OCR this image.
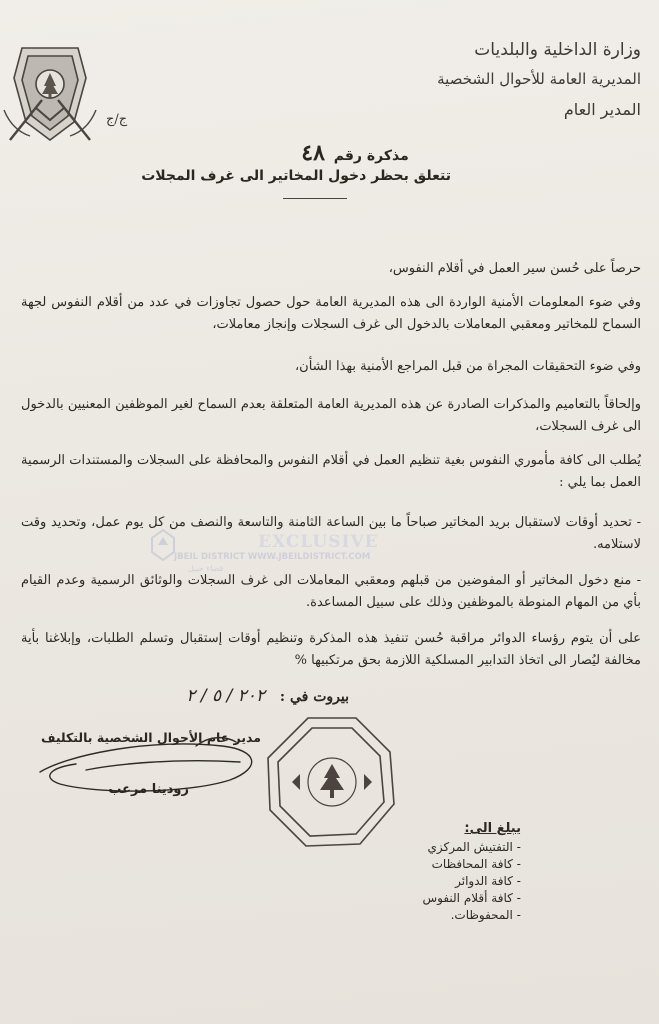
وزارة الداخلية والبلديات
المديرية العامة للأحوال الشخصية
المدير العام
ج/ج
مذكرة رقم ٤٨
تتعلق بحظر دخول المخاتير الى غرف المجلات
حرصاً على حُسن سير العمل في أقلام النفوس،
وفي ضوء المعلومات الأمنية الواردة الى هذه المديرية العامة حول حصول تجاوزات في عدد من أقلام النفوس لجهة السماح للمخاتير ومعقبي المعاملات بالدخول الى غرف السجلات وإنجاز معاملات،
وفي ضوء التحقيقات المجراة من قبل المراجع الأمنية بهذا الشأن،
وإلحاقاً بالتعاميم والمذكرات الصادرة عن هذه المديرية العامة المتعلقة بعدم السماح لغير الموظفين المعنيين بالدخول الى غرف السجلات،
يُطلب الى كافة مأموري النفوس بغية تنظيم العمل في أقلام النفوس والمحافظة على السجلات والمستندات الرسمية العمل بما يلي :
- تحديد أوقات لاستقبال بريد المخاتير صباحاً ما بين الساعة الثامنة والتاسعة والنصف من كل يوم عمل، وتحديد وقت لاستلامه.
- منع دخول المخاتير أو المفوضين من قبلهم ومعقبي المعاملات الى غرف السجلات والوثائق الرسمية وعدم القيام بأي من المهام المنوطة بالموظفين وذلك على سبيل المساعدة.
على أن يتوم رؤساء الدوائر مراقبة حُسن تنفيذ هذه المذكرة وتنظيم أوقات إستقبال وتسلم الطلبات، وإبلاغنا بأية مخالفة ليُصار الى اتخاذ التدابير المسلكية اللازمة بحق مرتكبيها %
EXCLUSIVE
JBEIL DISTRICT WWW.JBEILDISTRICT.COM
قضاء جبيل
بيروت في : ٢٠٢ / ٥ / ٢
مدير عام الأحوال الشخصية بالتكليف
رودينا مرعب
يبلغ الى:
- التفتيش المركزي
- كافة المحافظات
- كافة الدوائر
- كافة أقلام النفوس
- المحفوظات.
